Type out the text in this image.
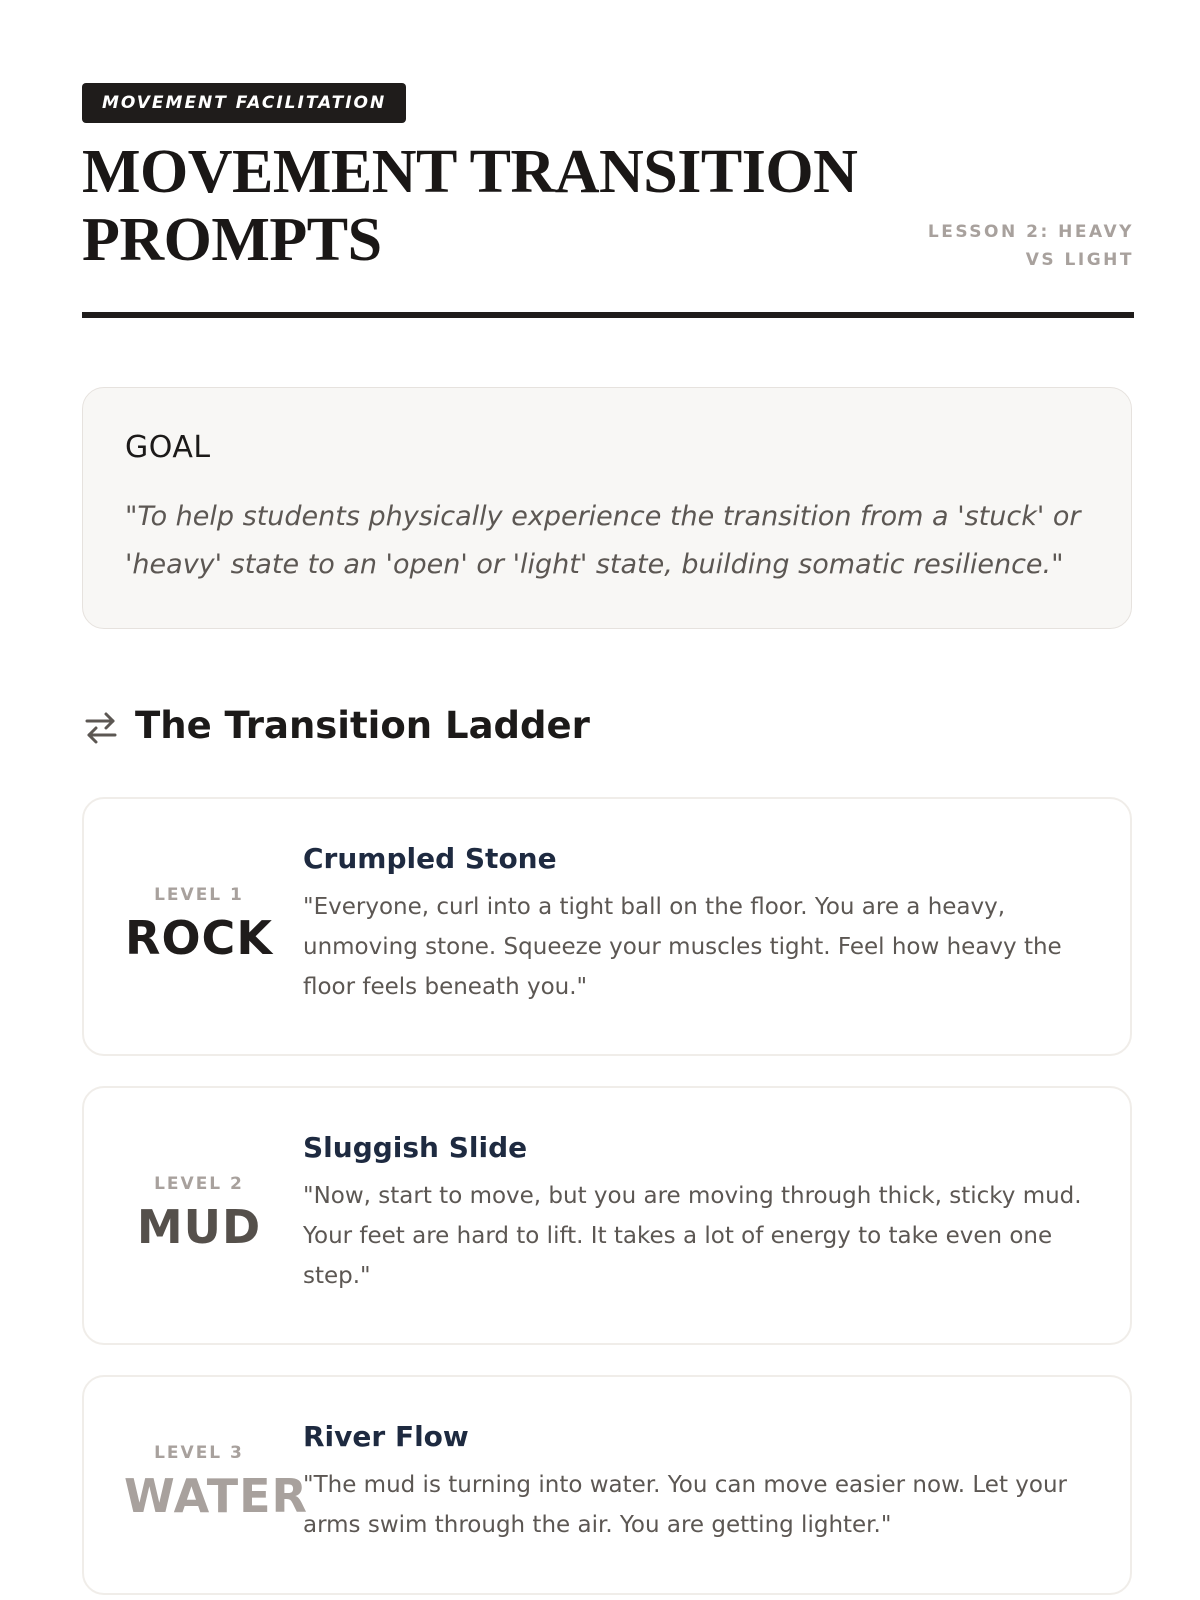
MOVEMENT FACILITATION
MOVEMENT TRANSITION PROMPTS	LESSON 2: HEAVY VS LIGHT
GOAL

"To help students physically experience the transition from a 'stuck' or 'heavy' state to an 'open' or 'light' state, building somatic resilience."

The Transition Ladder
LEVEL 1
ROCK
Crumpled Stone

"Everyone, curl into a tight ball on the floor. You are a heavy, unmoving stone. Squeeze your muscles tight. Feel how heavy the floor feels beneath you."

LEVEL 2
MUD
Sluggish Slide

"Now, start to move, but you are moving through thick, sticky mud. Your feet are hard to lift. It takes a lot of energy to take even one step."

LEVEL 3
WATER
River Flow

"The mud is turning into water. You can move easier now. Let your arms swim through the air. You are getting lighter."
